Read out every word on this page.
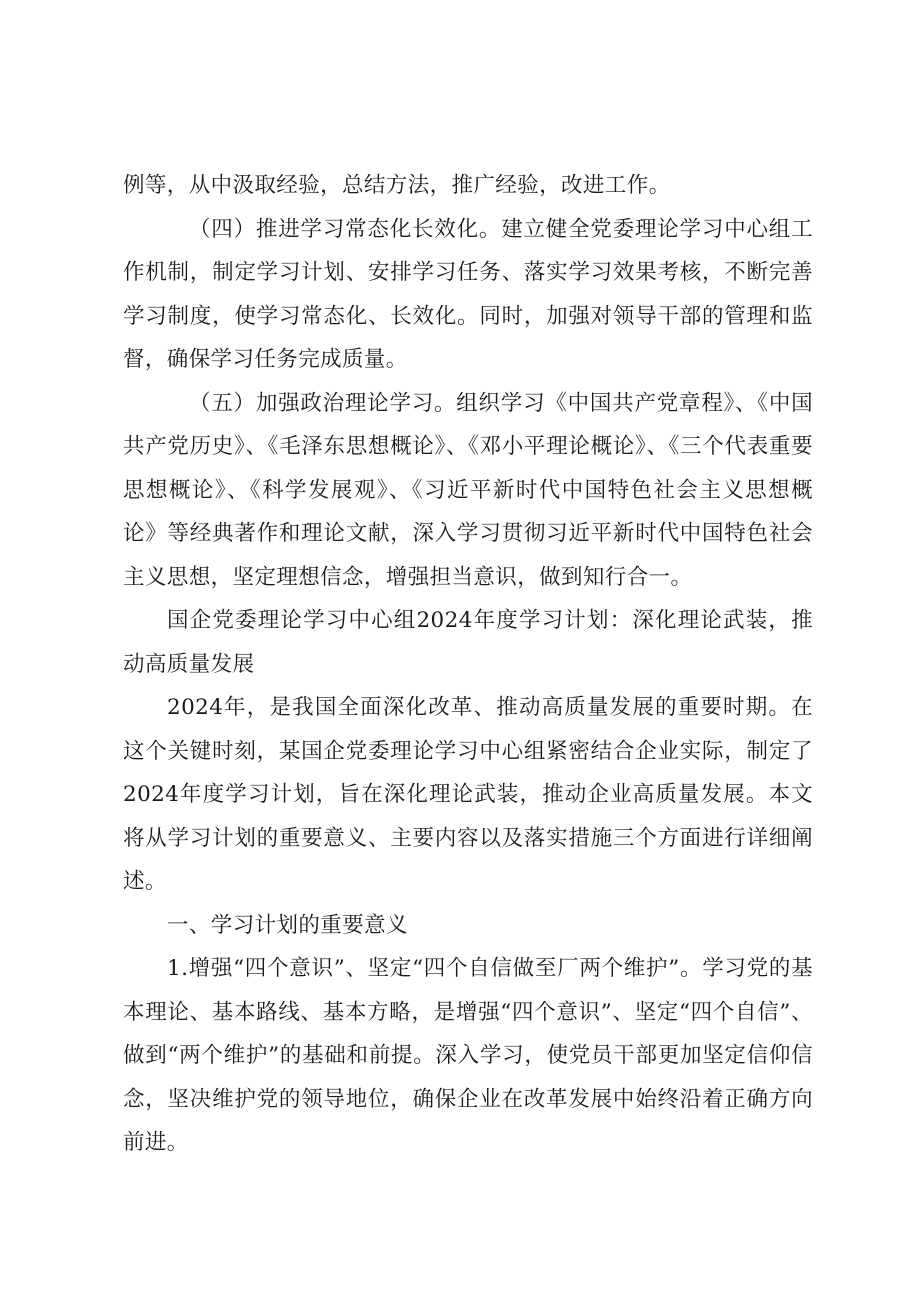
例等，从中汲取经验，总结方法，推广经验，改进工作。

（四）推进学习常态化长效化。建立健全党委理论学习中心组工作机制，制定学习计划、安排学习任务、落实学习效果考核，不断完善学习制度，使学习常态化、长效化。同时，加强对领导干部的管理和监督，确保学习任务完成质量。

（五）加强政治理论学习。组织学习《中国共产党章程》、《中国共产党历史》、《毛泽东思想概论》、《邓小平理论概论》、《三个代表重要思想概论》、《科学发展观》、《习近平新时代中国特色社会主义思想概论》等经典著作和理论文献，深入学习贯彻习近平新时代中国特色社会主义思想，坚定理想信念，增强担当意识，做到知行合一。

国企党委理论学习中心组2024年度学习计划：深化理论武装，推动高质量发展

2024年，是我国全面深化改革、推动高质量发展的重要时期。在这个关键时刻，某国企党委理论学习中心组紧密结合企业实际，制定了2024年度学习计划，旨在深化理论武装，推动企业高质量发展。本文将从学习计划的重要意义、主要内容以及落实措施三个方面进行详细阐述。

一、学习计划的重要意义

1.增强“四个意识”、坚定“四个自信做至厂两个维护”。学习党的基本理论、基本路线、基本方略，是增强“四个意识”、坚定“四个自信”、做到“两个维护”的基础和前提。深入学习，使党员干部更加坚定信仰信念，坚决维护党的领导地位，确保企业在改革发展中始终沿着正确方向前进。
